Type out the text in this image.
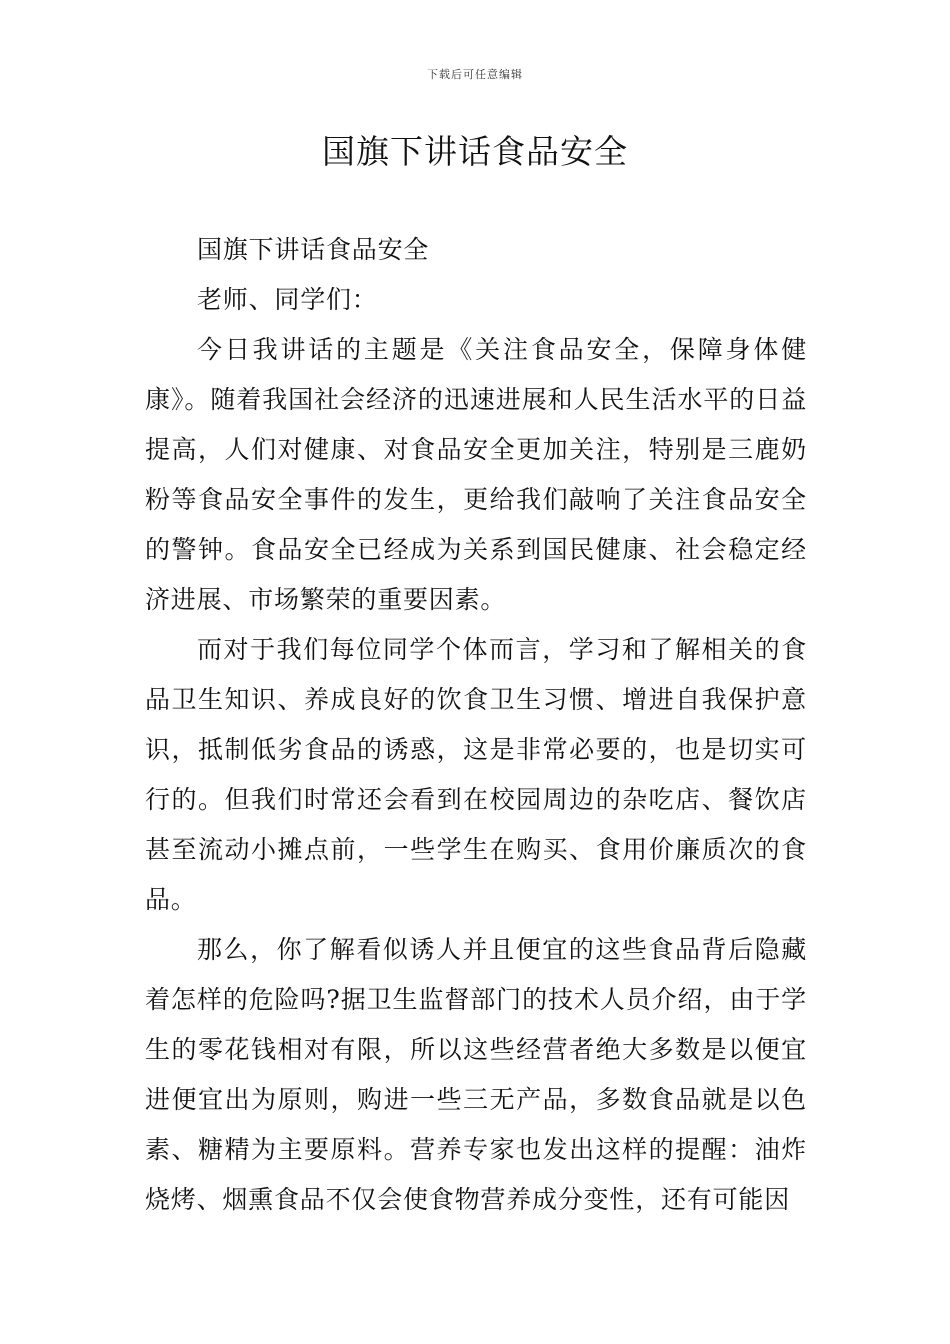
下载后可任意编辑
国旗下讲话食品安全

国旗下讲话食品安全

老师、同学们：

今日我讲话的主题是《关注食品安全，保障身体健康》。随着我国社会经济的迅速进展和人民生活水平的日益提高，人们对健康、对食品安全更加关注，特别是三鹿奶粉等食品安全事件的发生，更给我们敲响了关注食品安全的警钟。食品安全已经成为关系到国民健康、社会稳定经济进展、市场繁荣的重要因素。

而对于我们每位同学个体而言，学习和了解相关的食品卫生知识、养成良好的饮食卫生习惯、增进自我保护意识，抵制低劣食品的诱惑，这是非常必要的，也是切实可行的。但我们时常还会看到在校园周边的杂吃店、餐饮店甚至流动小摊点前，一些学生在购买、食用价廉质次的食品。

那么，你了解看似诱人并且便宜的这些食品背后隐藏着怎样的危险吗?据卫生监督部门的技术人员介绍，由于学生的零花钱相对有限，所以这些经营者绝大多数是以便宜进便宜出为原则，购进一些三无产品，多数食品就是以色素、糖精为主要原料。营养专家也发出这样的提醒：油炸烧烤、烟熏食品不仅会使食物营养成分变性，还有可能因
